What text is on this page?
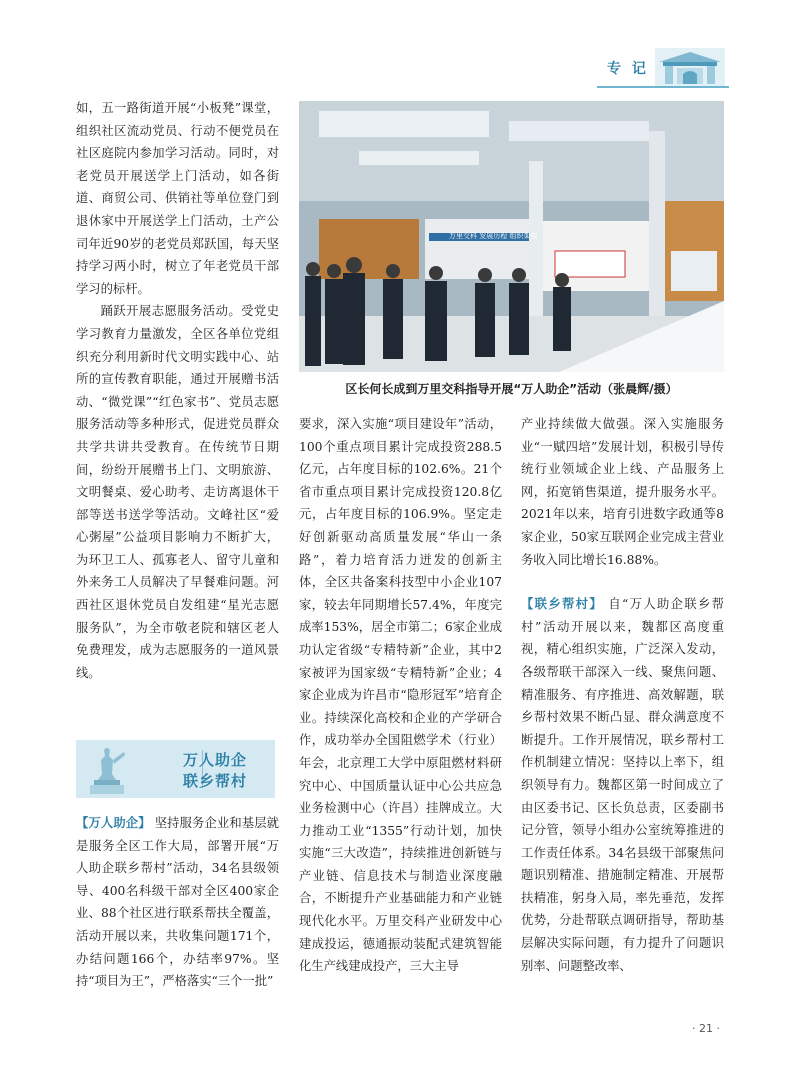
专 记

如，五一路街道开展“小板凳”课堂，组织社区流动党员、行动不便党员在社区庭院内参加学习活动。同时，对老党员开展送学上门活动，如各街道、商贸公司、供销社等单位登门到退休家中开展送学上门活动，土产公司年近90岁的老党员郑跃国，每天坚持学习两小时，树立了年老党员干部学习的标杆。

踊跃开展志愿服务活动。受党史学习教育力量激发，全区各单位党组织充分利用新时代文明实践中心、站所的宣传教育职能，通过开展赠书活动、“微党课”“红色家书”、党员志愿服务活动等多种形式，促进党员群众共学共讲共受教育。在传统节日期间，纷纷开展赠书上门、文明旅游、文明餐桌、爱心助考、走访离退休干部等送书送学等活动。文峰社区“爱心粥屋”公益项目影响力不断扩大，为环卫工人、孤寡老人、留守儿童和外来务工人员解决了早餐难问题。河西社区退休党员自发组建“星光志愿服务队”，为全市敬老院和辖区老人免费理发，成为志愿服务的一道风景线。

万人助企
联乡帮村

【万人助企】 坚持服务企业和基层就是服务全区工作大局，部署开展“万人助企联乡帮村”活动，34名县级领导、400名科级干部对全区400家企业、88个社区进行联系帮扶全覆盖，活动开展以来，共收集问题171个，办结问题166个，办结率97%。坚持“项目为王”，严格落实“三个一批”

万里交科 发展历程 组织架构
区长何长成到万里交科指导开展“万人助企”活动（张晨辉/摄）

要求，深入实施“项目建设年”活动，100个重点项目累计完成投资288.5亿元，占年度目标的102.6%。21个省市重点项目累计完成投资120.8亿元，占年度目标的106.9%。坚定走好创新驱动高质量发展“华山一条路”，着力培育活力迸发的创新主体，全区共备案科技型中小企业107家，较去年同期增长57.4%，年度完成率153%，居全市第二；6家企业成功认定省级“专精特新”企业，其中2家被评为国家级“专精特新”企业；4家企业成为许昌市“隐形冠军”培育企业。持续深化高校和企业的产学研合作，成功举办全国阻燃学术（行业）年会，北京理工大学中原阻燃材料研究中心、中国质量认证中心公共应急业务检测中心（许昌）挂牌成立。大力推动工业“1355”行动计划，加快实施“三大改造”，持续推进创新链与产业链、信息技术与制造业深度融合，不断提升产业基础能力和产业链现代化水平。万里交科产业研发中心建成投运，德通振动装配式建筑智能化生产线建成投产，三大主导

产业持续做大做强。深入实施服务业“一赋四培”发展计划，积极引导传统行业领域企业上线、产品服务上网，拓宽销售渠道，提升服务水平。2021年以来，培育引进数字政通等8家企业，50家互联网企业完成主营业务收入同比增长16.88%。

【联乡帮村】 自“万人助企联乡帮村”活动开展以来，魏都区高度重视，精心组织实施，广泛深入发动，各级帮联干部深入一线、聚焦问题、精准服务、有序推进、高效解题，联乡帮村效果不断凸显、群众满意度不断提升。工作开展情况，联乡帮村工作机制建立情况：坚持以上率下，组织领导有力。魏都区第一时间成立了由区委书记、区长负总责，区委副书记分管，领导小组办公室统筹推进的工作责任体系。34名县级干部聚焦问题识别精准、措施制定精准、开展帮扶精准，躬身入局，率先垂范，发挥优势，分赴帮联点调研指导，帮助基层解决实际问题，有力提升了问题识别率、问题整改率、

· 21 ·
